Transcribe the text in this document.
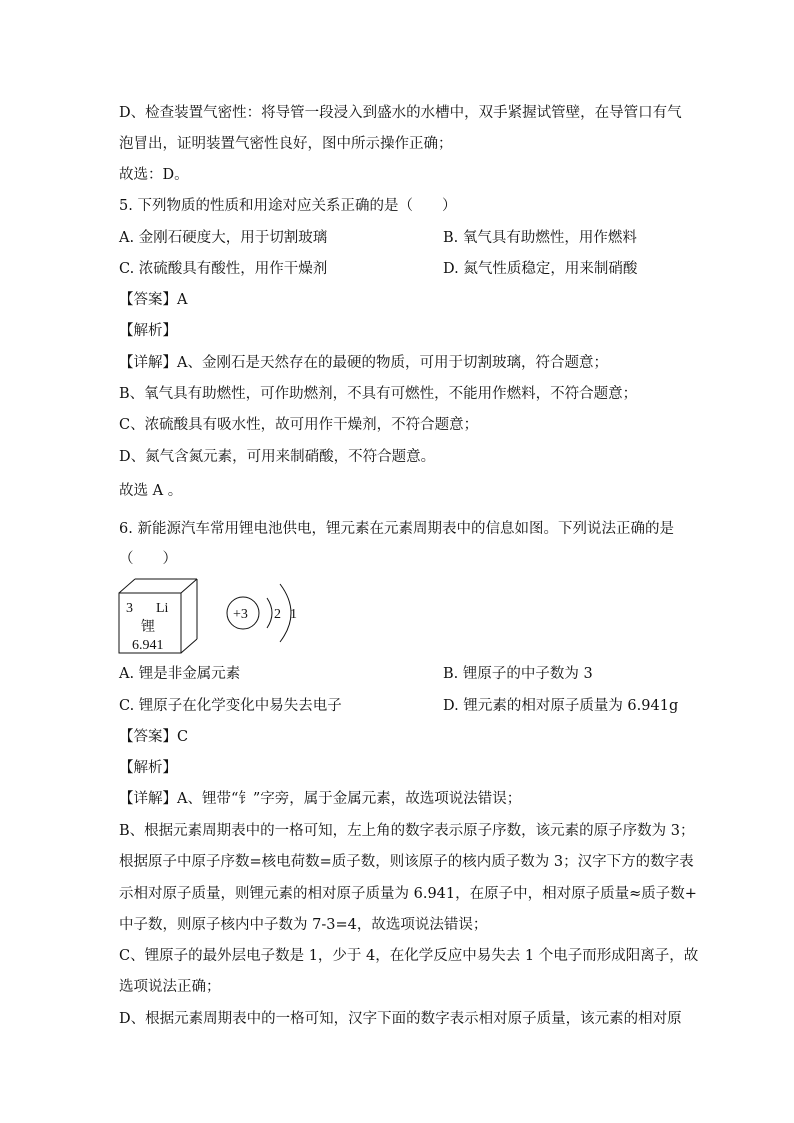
D、检查装置气密性：将导管一段浸入到盛水的水槽中，双手紧握试管壁，在导管口有气
泡冒出，证明装置气密性良好，图中所示操作正确；
故选：D。
5. 下列物质的性质和用途对应关系正确的是（　　）
A. 金刚石硬度大，用于切割玻璃	B. 氧气具有助燃性，用作燃料
C. 浓硫酸具有酸性，用作干燥剂	D. 氮气性质稳定，用来制硝酸
【答案】A
【解析】
【详解】A、金刚石是天然存在的最硬的物质，可用于切割玻璃，符合题意；
B、氧气具有助燃性，可作助燃剂，不具有可燃性，不能用作燃料，不符合题意；
C、浓硫酸具有吸水性，故可用作干燥剂，不符合题意；
D、氮气含氮元素，可用来制硝酸，不符合题意。
故选 A 。
6. 新能源汽车常用锂电池供电，锂元素在元素周期表中的信息如图。下列说法正确的是
（　　）
3 Li
锂
6.941
+3 2 1
A. 锂是非金属元素	B. 锂原子的中子数为 3
C. 锂原子在化学变化中易失去电子	D. 锂元素的相对原子质量为 6.941g
【答案】C
【解析】
【详解】A、锂带“钅”字旁，属于金属元素，故选项说法错误；
B、根据元素周期表中的一格可知，左上角的数字表示原子序数，该元素的原子序数为 3；
根据原子中原子序数=核电荷数=质子数，则该原子的核内质子数为 3；汉字下方的数字表
示相对原子质量，则锂元素的相对原子质量为 6.941，在原子中，相对原子质量≈质子数+
中子数，则原子核内中子数为 7-3=4，故选项说法错误；
C、锂原子的最外层电子数是 1，少于 4，在化学反应中易失去 1 个电子而形成阳离子，故
选项说法正确；
D、根据元素周期表中的一格可知，汉字下面的数字表示相对原子质量，该元素的相对原
